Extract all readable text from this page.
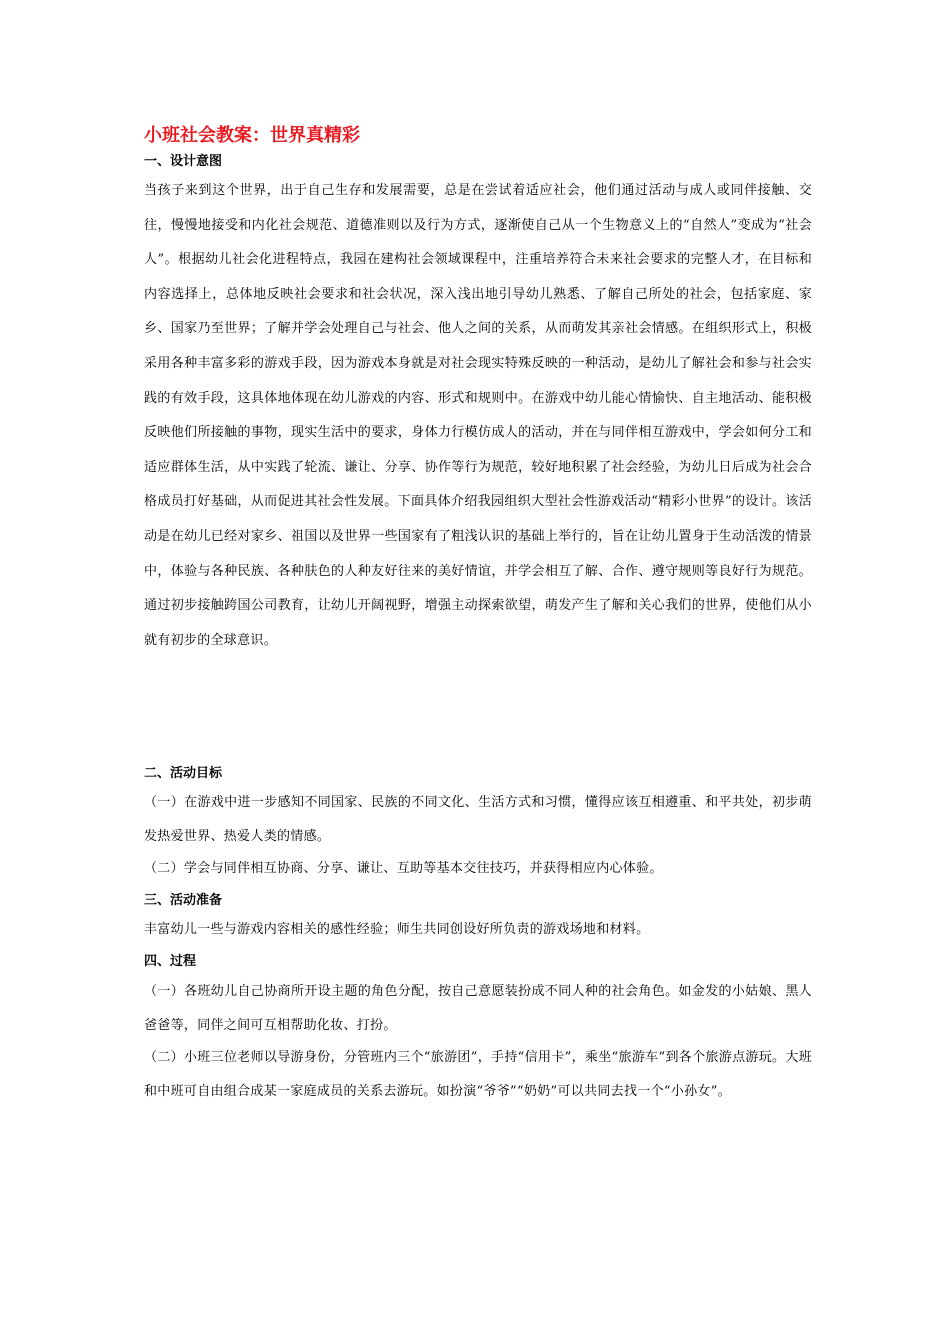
小班社会教案：世界真精彩
一、设计意图
当孩子来到这个世界，出于自己生存和发展需要，总是在尝试着适应社会，他们通过活动与成人或同伴接触、交往，慢慢地接受和内化社会规范、道德准则以及行为方式，逐渐使自己从一个生物意义上的“自然人”变成为“社会人”。根据幼儿社会化进程特点，我园在建构社会领域课程中，注重培养符合未来社会要求的完整人才，在目标和内容选择上，总体地反映社会要求和社会状况，深入浅出地引导幼儿熟悉、了解自己所处的社会，包括家庭、家乡、国家乃至世界；了解并学会处理自己与社会、他人之间的关系，从而萌发其亲社会情感。在组织形式上，积极采用各种丰富多彩的游戏手段，因为游戏本身就是对社会现实特殊反映的一种活动，是幼儿了解社会和参与社会实践的有效手段，这具体地体现在幼儿游戏的内容、形式和规则中。在游戏中幼儿能心情愉快、自主地活动、能积极反映他们所接触的事物，现实生活中的要求，身体力行模仿成人的活动，并在与同伴相互游戏中，学会如何分工和适应群体生活，从中实践了轮流、谦让、分享、协作等行为规范，较好地积累了社会经验，为幼儿日后成为社会合格成员打好基础，从而促进其社会性发展。下面具体介绍我园组织大型社会性游戏活动“精彩小世界”的设计。该活动是在幼儿已经对家乡、祖国以及世界一些国家有了粗浅认识的基础上举行的，旨在让幼儿置身于生动活泼的情景中，体验与各种民族、各种肤色的人种友好往来的美好情谊，并学会相互了解、合作、遵守规则等良好行为规范。通过初步接触跨国公司教育，让幼儿开阔视野，增强主动探索欲望，萌发产生了解和关心我们的世界，使他们从小就有初步的全球意识。
二、活动目标
（一）在游戏中进一步感知不同国家、民族的不同文化、生活方式和习惯，懂得应该互相遵重、和平共处，初步萌发热爱世界、热爱人类的情感。
（二）学会与同伴相互协商、分享、谦让、互助等基本交往技巧，并获得相应内心体验。
三、活动准备
丰富幼儿一些与游戏内容相关的感性经验；师生共同创设好所负责的游戏场地和材料。
四、过程
（一）各班幼儿自己协商所开设主题的角色分配，按自己意愿装扮成不同人种的社会角色。如金发的小姑娘、黑人爸爸等，同伴之间可互相帮助化妆、打扮。
（二）小班三位老师以导游身份，分管班内三个“旅游团”，手持“信用卡”，乘坐“旅游车”到各个旅游点游玩。大班和中班可自由组合成某一家庭成员的关系去游玩。如扮演“爷爷”“奶奶”可以共同去找一个“小孙女”。
